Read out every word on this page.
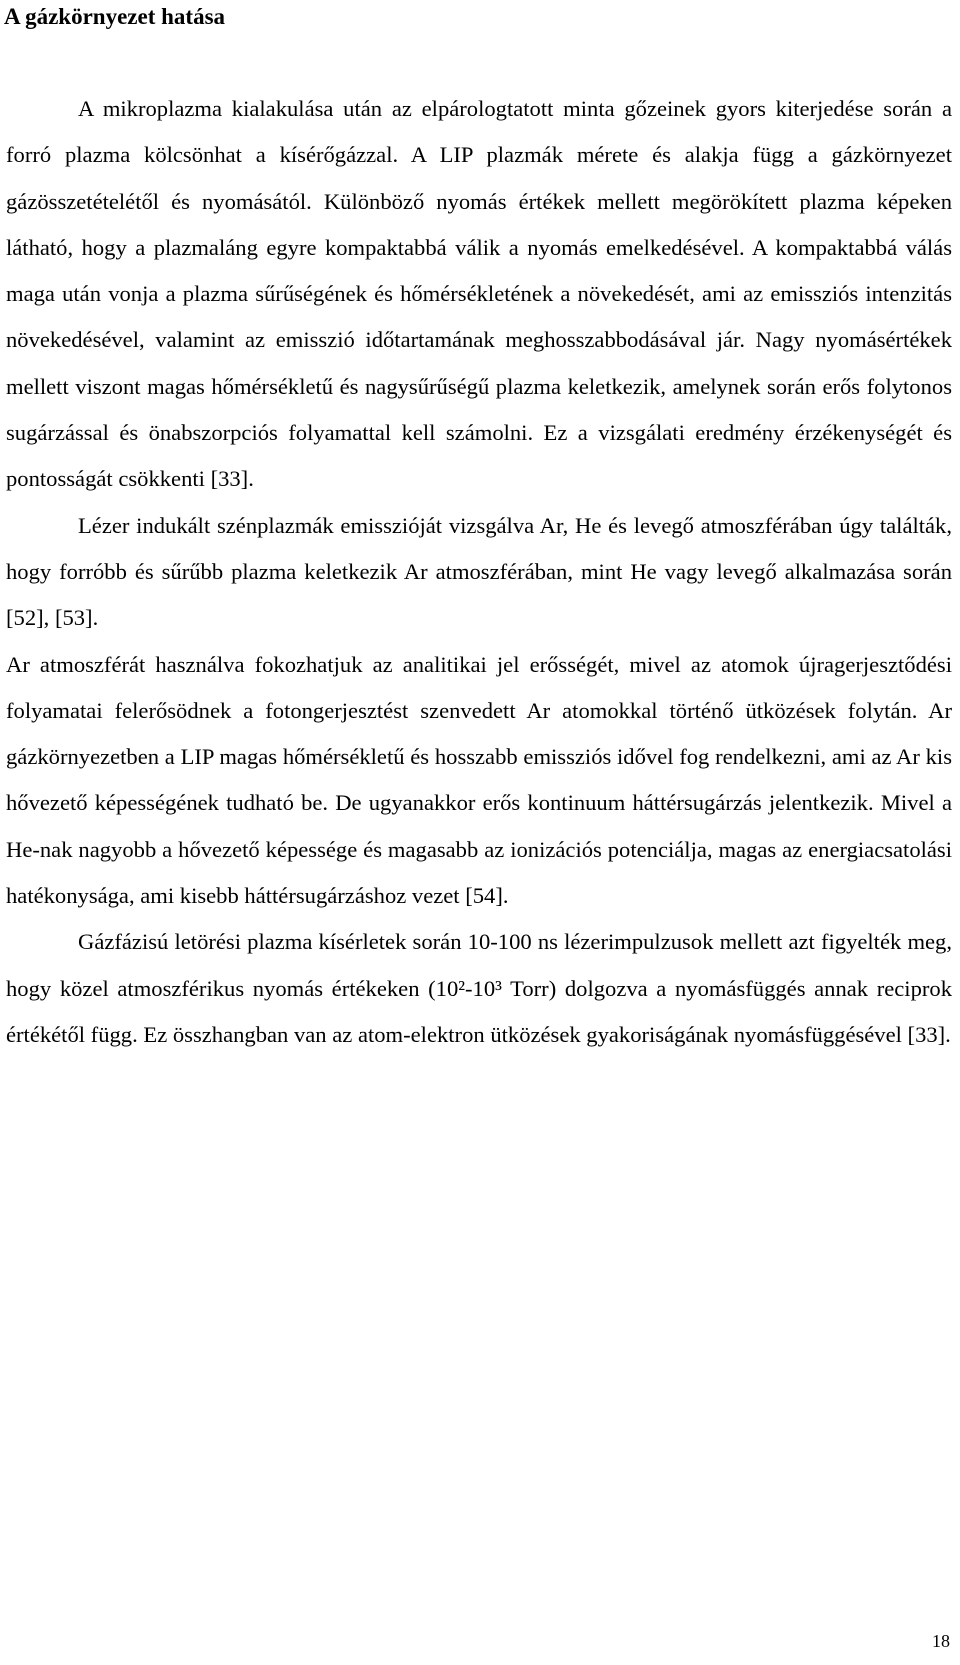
A gázkörnyezet hatása

A mikroplazma kialakulása után az elpárologtatott minta gőzeinek gyors kiterjedése során a forró plazma kölcsönhat a kísérőgázzal. A LIP plazmák mérete és alakja függ a gázkörnyezet gázösszetételétől és nyomásától. Különböző nyomás értékek mellett megörökített plazma képeken látható, hogy a plazmaláng egyre kompaktabbá válik a nyomás emelkedésével. A kompaktabbá válás maga után vonja a plazma sűrűségének és hőmérsékletének a növekedését, ami az emissziós intenzitás növekedésével, valamint az emisszió időtartamának meghosszabbodásával jár. Nagy nyomásértékek mellett viszont magas hőmérsékletű és nagysűrűségű plazma keletkezik, amelynek során erős folytonos sugárzással és önabszorpciós folyamattal kell számolni. Ez a vizsgálati eredmény érzékenységét és pontosságát csökkenti [33].

Lézer indukált szénplazmák emisszióját vizsgálva Ar, He és levegő atmoszférában úgy találták, hogy forróbb és sűrűbb plazma keletkezik Ar atmoszférában, mint He vagy levegő alkalmazása során [52], [53].

Ar atmoszférát használva fokozhatjuk az analitikai jel erősségét, mivel az atomok újragerjesztődési folyamatai felerősödnek a fotongerjesztést szenvedett Ar atomokkal történő ütközések folytán. Ar gázkörnyezetben a LIP magas hőmérsékletű és hosszabb emissziós idővel fog rendelkezni, ami az Ar kis hővezető képességének tudható be. De ugyanakkor erős kontinuum háttérsugárzás jelentkezik. Mivel a He-nak nagyobb a hővezető képessége és magasabb az ionizációs potenciálja, magas az energiacsatolási hatékonysága, ami kisebb háttérsugárzáshoz vezet [54].

Gázfázisú letörési plazma kísérletek során 10-100 ns lézerimpulzusok mellett azt figyelték meg, hogy közel atmoszférikus nyomás értékeken (10²-10³ Torr) dolgozva a nyomásfüggés annak reciprok értékétől függ. Ez összhangban van az atom-elektron ütközések gyakoriságának nyomásfüggésével [33].

18
